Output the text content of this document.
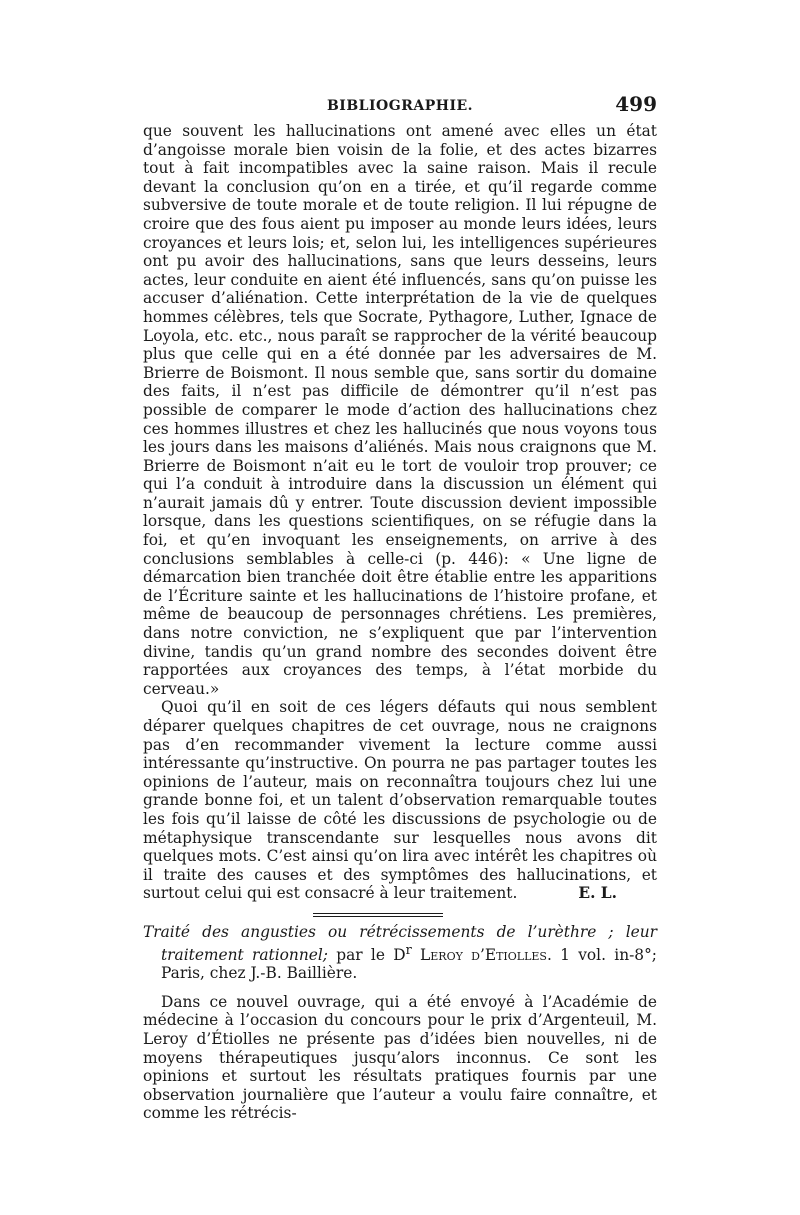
BIBLIOGRAPHIE.	499

que souvent les hallucinations ont amené avec elles un état d’angoisse morale bien voisin de la folie, et des actes bizarres tout à fait incompatibles avec la saine raison. Mais il recule devant la conclusion qu’on en a tirée, et qu’il regarde comme subversive de toute morale et de toute religion. Il lui répugne de croire que des fous aient pu imposer au monde leurs idées, leurs croyances et leurs lois; et, selon lui, les intelligences supérieures ont pu avoir des hallucinations, sans que leurs desseins, leurs actes, leur conduite en aient été influencés, sans qu’on puisse les accuser d’aliénation. Cette interprétation de la vie de quelques hommes célèbres, tels que Socrate, Pythagore, Luther, Ignace de Loyola, etc. etc., nous paraît se rapprocher de la vérité beaucoup plus que celle qui en a été donnée par les adversaires de M. Brierre de Boismont. Il nous semble que, sans sortir du domaine des faits, il n’est pas difficile de démontrer qu’il n’est pas possible de comparer le mode d’action des hallucinations chez ces hommes illustres et chez les hallucinés que nous voyons tous les jours dans les maisons d’aliénés. Mais nous craignons que M. Brierre de Boismont n’ait eu le tort de vouloir trop prouver; ce qui l’a conduit à introduire dans la discussion un élément qui n’aurait jamais dû y entrer. Toute discussion devient impossible lorsque, dans les questions scientifiques, on se réfugie dans la foi, et qu’en invoquant les enseignements, on arrive à des conclusions semblables à celle-ci (p. 446): « Une ligne de démarcation bien tranchée doit être établie entre les apparitions de l’Écriture sainte et les hallucinations de l’histoire profane, et même de beaucoup de personnages chrétiens. Les premières, dans notre conviction, ne s’expliquent que par l’intervention divine, tandis qu’un grand nombre des secondes doivent être rapportées aux croyances des temps, à l’état morbide du cerveau.»

Quoi qu’il en soit de ces légers défauts qui nous semblent déparer quelques chapitres de cet ouvrage, nous ne craignons pas d’en recommander vivement la lecture comme aussi intéressante qu’instructive. On pourra ne pas partager toutes les opinions de l’auteur, mais on reconnaîtra toujours chez lui une grande bonne foi, et un talent d’observation remarquable toutes les fois qu’il laisse de côté les discussions de psychologie ou de métaphysique transcendante sur lesquelles nous avons dit quelques mots. C’est ainsi qu’on lira avec intérêt les chapitres où il traite des causes et des symptômes des hallucinations, et surtout celui qui est consacré à leur traitement.	E. L.

Traité des angusties ou rétrécissements de l’urèthre ; leur traitement rationnel; par le $D^r$ Leroy d’Etiolles. 1 vol. in-8°; Paris, chez J.-B. Baillière.

Dans ce nouvel ouvrage, qui a été envoyé à l’Académie de médecine à l’occasion du concours pour le prix d’Argenteuil, M. Leroy d’Étiolles ne présente pas d’idées bien nouvelles, ni de moyens thérapeutiques jusqu’alors inconnus. Ce sont les opinions et surtout les résultats pratiques fournis par une observation journalière que l’auteur a voulu faire connaître, et comme les rétrécis-
